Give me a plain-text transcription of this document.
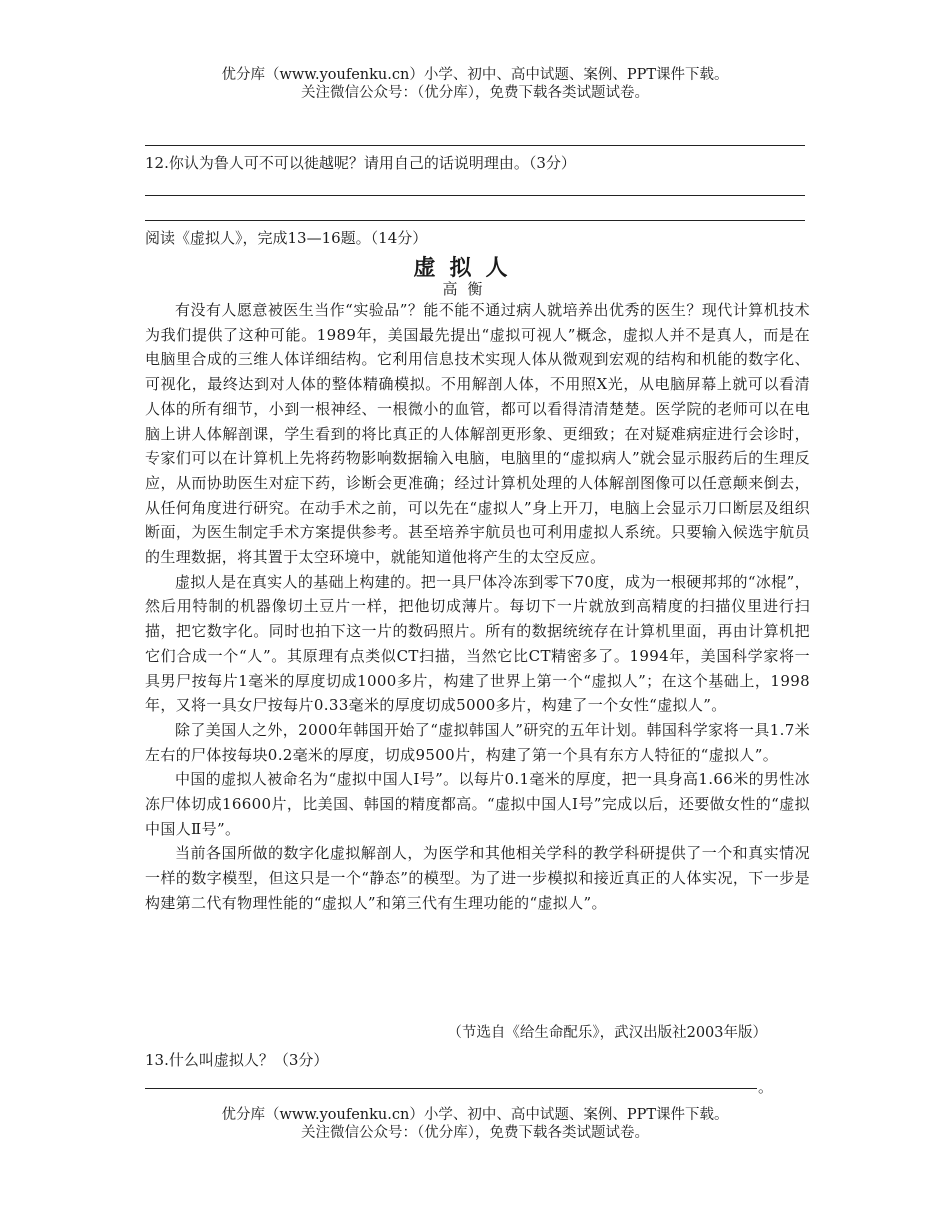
优分库（www.youfenku.cn）小学、初中、高中试题、案例、PPT课件下载。
关注微信公众号：（优分库），免费下载各类试题试卷。
12.你认为鲁人可不可以徙越呢？请用自己的话说明理由。（3分）
阅读《虚拟人》，完成13—16题。（14分）
虚拟人
高衡

有没有人愿意被医生当作“实验品”？能不能不通过病人就培养出优秀的医生？现代计算机技术为我们提供了这种可能。1989年，美国最先提出“虚拟可视人”概念，虚拟人并不是真人，而是在电脑里合成的三维人体详细结构。它利用信息技术实现人体从微观到宏观的结构和机能的数字化、可视化，最终达到对人体的整体精确模拟。不用解剖人体，不用照X光，从电脑屏幕上就可以看清人体的所有细节，小到一根神经、一根微小的血管，都可以看得清清楚楚。医学院的老师可以在电脑上讲人体解剖课，学生看到的将比真正的人体解剖更形象、更细致；在对疑难病症进行会诊时，专家们可以在计算机上先将药物影响数据输入电脑，电脑里的“虚拟病人”就会显示服药后的生理反应，从而协助医生对症下药，诊断会更准确；经过计算机处理的人体解剖图像可以任意颠来倒去，从任何角度进行研究。在动手术之前，可以先在“虚拟人”身上开刀，电脑上会显示刀口断层及组织断面，为医生制定手术方案提供参考。甚至培养宇航员也可利用虚拟人系统。只要输入候选宇航员的生理数据，将其置于太空环境中，就能知道他将产生的太空反应。

虚拟人是在真实人的基础上构建的。把一具尸体冷冻到零下70度，成为一根硬邦邦的“冰棍”，然后用特制的机器像切土豆片一样，把他切成薄片。每切下一片就放到高精度的扫描仪里进行扫描，把它数字化。同时也拍下这一片的数码照片。所有的数据统统存在计算机里面，再由计算机把它们合成一个“人”。其原理有点类似CT扫描，当然它比CT精密多了。1994年，美国科学家将一具男尸按每片1毫米的厚度切成1000多片，构建了世界上第一个“虚拟人”；在这个基础上，1998年，又将一具女尸按每片0.33毫米的厚度切成5000多片，构建了一个女性“虚拟人”。

除了美国人之外，2000年韩国开始了“虚拟韩国人”研究的五年计划。韩国科学家将一具1.7米左右的尸体按每块0.2毫米的厚度，切成9500片，构建了第一个具有东方人特征的“虚拟人”。

中国的虚拟人被命名为“虚拟中国人Ⅰ号”。以每片0.1毫米的厚度，把一具身高1.66米的男性冰冻尸体切成16600片，比美国、韩国的精度都高。“虚拟中国人Ⅰ号”完成以后，还要做女性的“虚拟中国人Ⅱ号”。

当前各国所做的数字化虚拟解剖人，为医学和其他相关学科的教学科研提供了一个和真实情况一样的数字模型，但这只是一个“静态”的模型。为了进一步模拟和接近真正的人体实况，下一步是构建第二代有物理性能的“虚拟人”和第三代有生理功能的“虚拟人”。

（节选自《给生命配乐》，武汉出版社2003年版）
13.什么叫虚拟人？（3分）
。
优分库（www.youfenku.cn）小学、初中、高中试题、案例、PPT课件下载。
关注微信公众号：（优分库），免费下载各类试题试卷。
